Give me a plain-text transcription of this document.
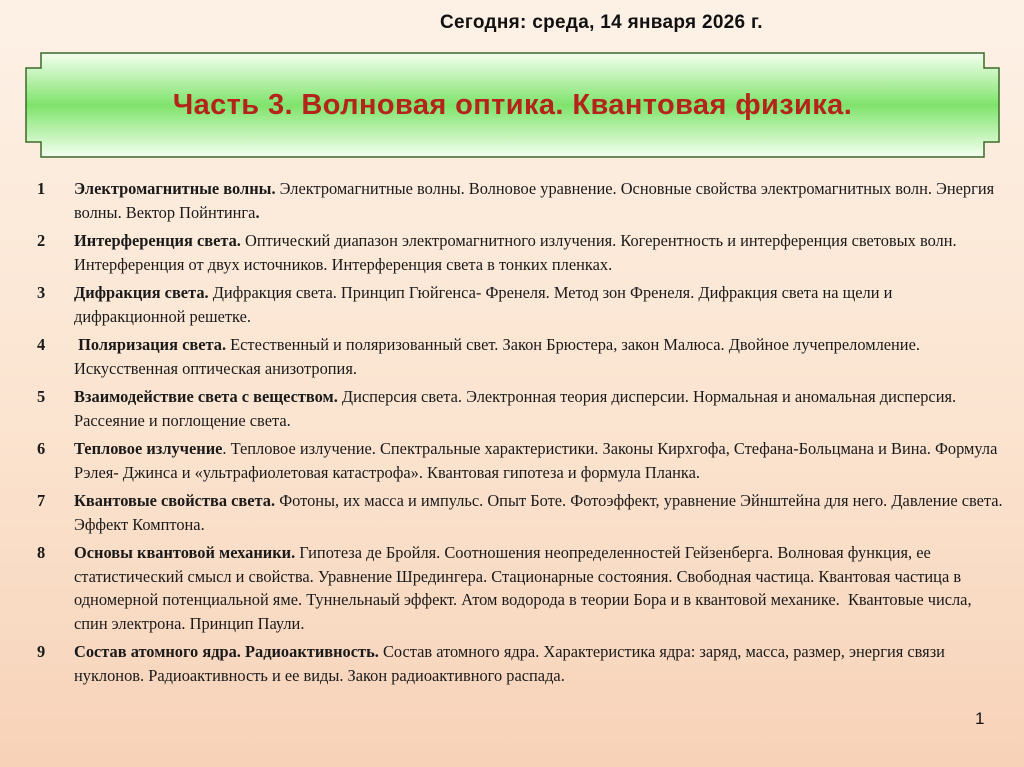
Сегодня: среда, 14 января 2026 г.
Часть 3. Волновая оптика. Квантовая физика.
1	Электромагнитные волны. Электромагнитные волны. Волновое уравнение. Основные свойства электромагнитных волн. Энергия волны. Вектор Пойнтинга.
2	Интерференция света. Оптический диапазон электромагнитного излучения. Когерентность и интерференция световых волн. Интерференция от двух источников. Интерференция света в тонких пленках.
3	Дифракция света. Дифракция света. Принцип Гюйгенса- Френеля. Метод зон Френеля. Дифракция света на щели и дифракционной решетке.
4	Поляризация света. Естественный и поляризованный свет. Закон Брюстера, закон Малюса. Двойное лучепреломление. Искусственная оптическая анизотропия.
5	Взаимодействие света с веществом. Дисперсия света. Электронная теория дисперсии. Нормальная и аномальная дисперсия. Рассеяние и поглощение света.
6	Тепловое излучение. Тепловое излучение. Спектральные характеристики. Законы Кирхгофа, Стефана-Больцмана и Вина. Формула Рэлея- Джинса и «ультрафиолетовая катастрофа». Квантовая гипотеза и формула Планка.
7	Квантовые свойства света. Фотоны, их масса и импульс. Опыт Боте. Фотоэффект, уравнение Эйнштейна для него. Давление света. Эффект Комптона.
8	Основы квантовой механики. Гипотеза де Бройля. Соотношения неопределенностей Гейзенберга. Волновая функция, ее статистический смысл и свойства. Уравнение Шредингера. Стационарные состояния. Свободная частица. Квантовая частица в одномерной потенциальной яме. Туннельнаый эффект. Атом водорода в теории Бора и в квантовой механике.  Квантовые числа, спин электрона. Принцип Паули.
9	Состав атомного ядра. Радиоактивность. Состав атомного ядра. Характеристика ядра: заряд, масса, размер, энергия связи нуклонов. Радиоактивность и ее виды. Закон радиоактивного распада.
1
